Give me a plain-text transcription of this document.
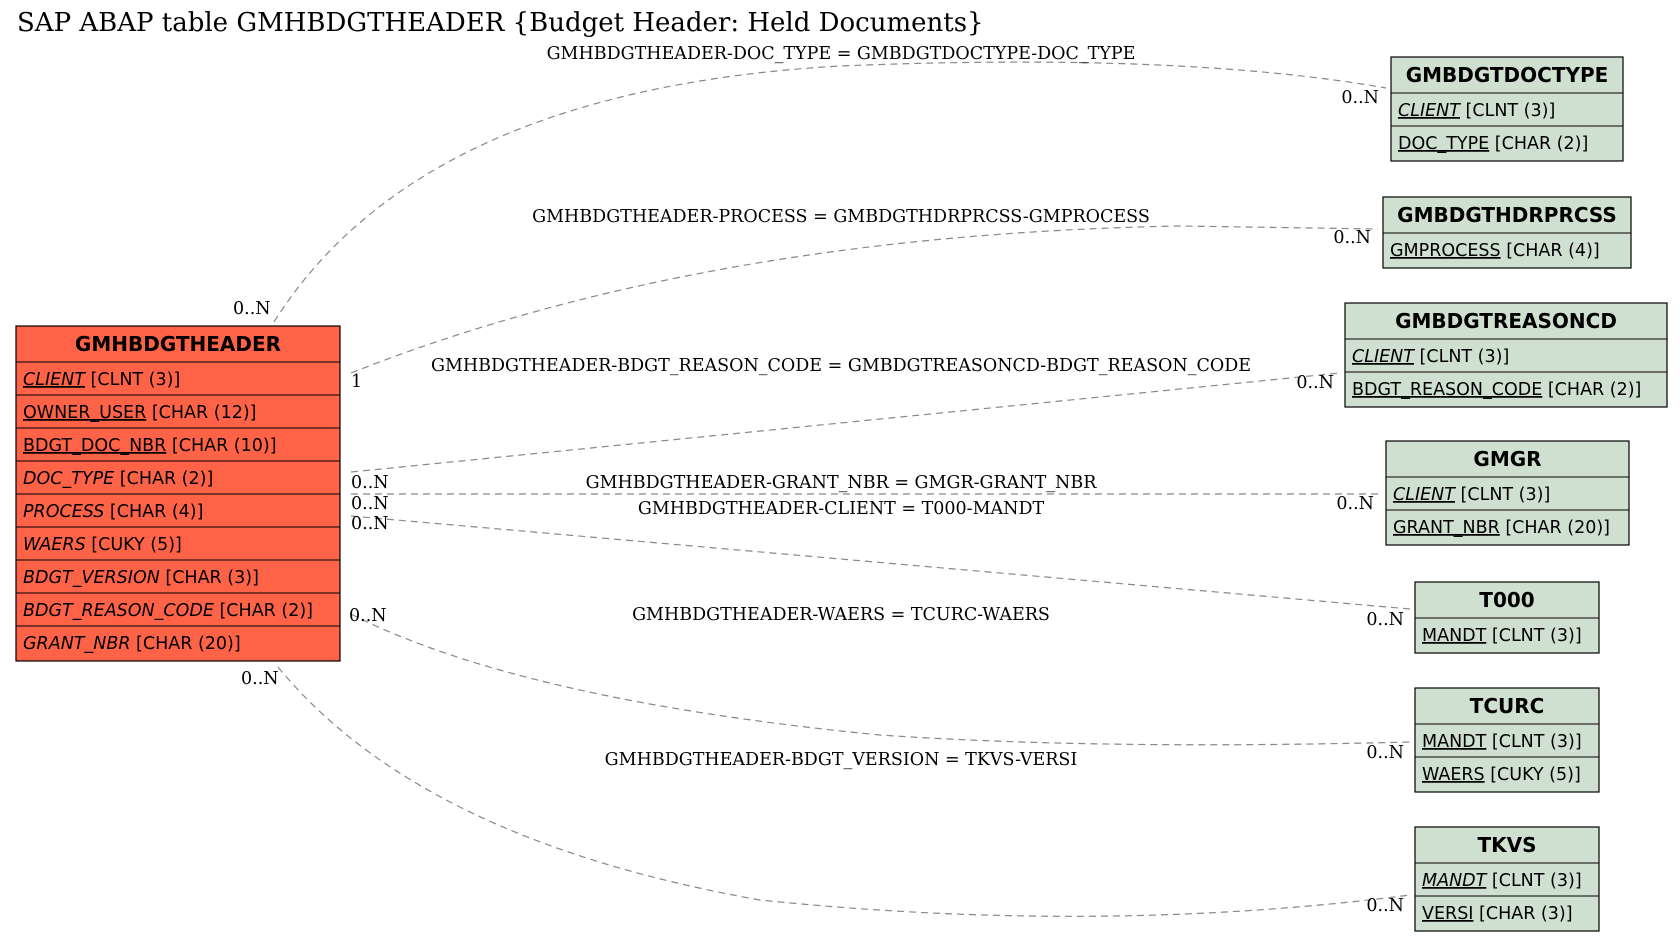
SAP ABAP table GMHBDGTHEADER {Budget Header: Held Documents}
GMHBDGTHEADER-DOC_TYPE = GMBDGTDOCTYPE-DOC_TYPE
GMHBDGTHEADER-PROCESS = GMBDGTHDRPRCSS-GMPROCESS
GMHBDGTHEADER-BDGT_REASON_CODE = GMBDGTREASONCD-BDGT_REASON_CODE
GMHBDGTHEADER-GRANT_NBR = GMGR-GRANT_NBR
GMHBDGTHEADER-CLIENT = T000-MANDT
GMHBDGTHEADER-WAERS = TCURC-WAERS
GMHBDGTHEADER-BDGT_VERSION = TKVS-VERSI
0..N
0..N
1
0..N
0..N
0..N
0..N	0..N
0..N
0..N
0..N
0..N
0..N
0..N
GMHBDGTHEADER
CLIENT [CLNT (3)]
OWNER_USER [CHAR (12)]
BDGT_DOC_NBR [CHAR (10)]
DOC_TYPE [CHAR (2)]
PROCESS [CHAR (4)]
WAERS [CUKY (5)]
BDGT_VERSION [CHAR (3)]
BDGT_REASON_CODE [CHAR (2)]
GRANT_NBR [CHAR (20)]
GMBDGTDOCTYPE
CLIENT [CLNT (3)]
DOC_TYPE [CHAR (2)]
GMBDGTHDRPRCSS
GMPROCESS [CHAR (4)]
GMBDGTREASONCD
CLIENT [CLNT (3)]
BDGT_REASON_CODE [CHAR (2)]
GMGR
CLIENT [CLNT (3)]
GRANT_NBR [CHAR (20)]
T000
MANDT [CLNT (3)]
TCURC
MANDT [CLNT (3)]
WAERS [CUKY (5)]
TKVS
MANDT [CLNT (3)]
VERSI [CHAR (3)]
